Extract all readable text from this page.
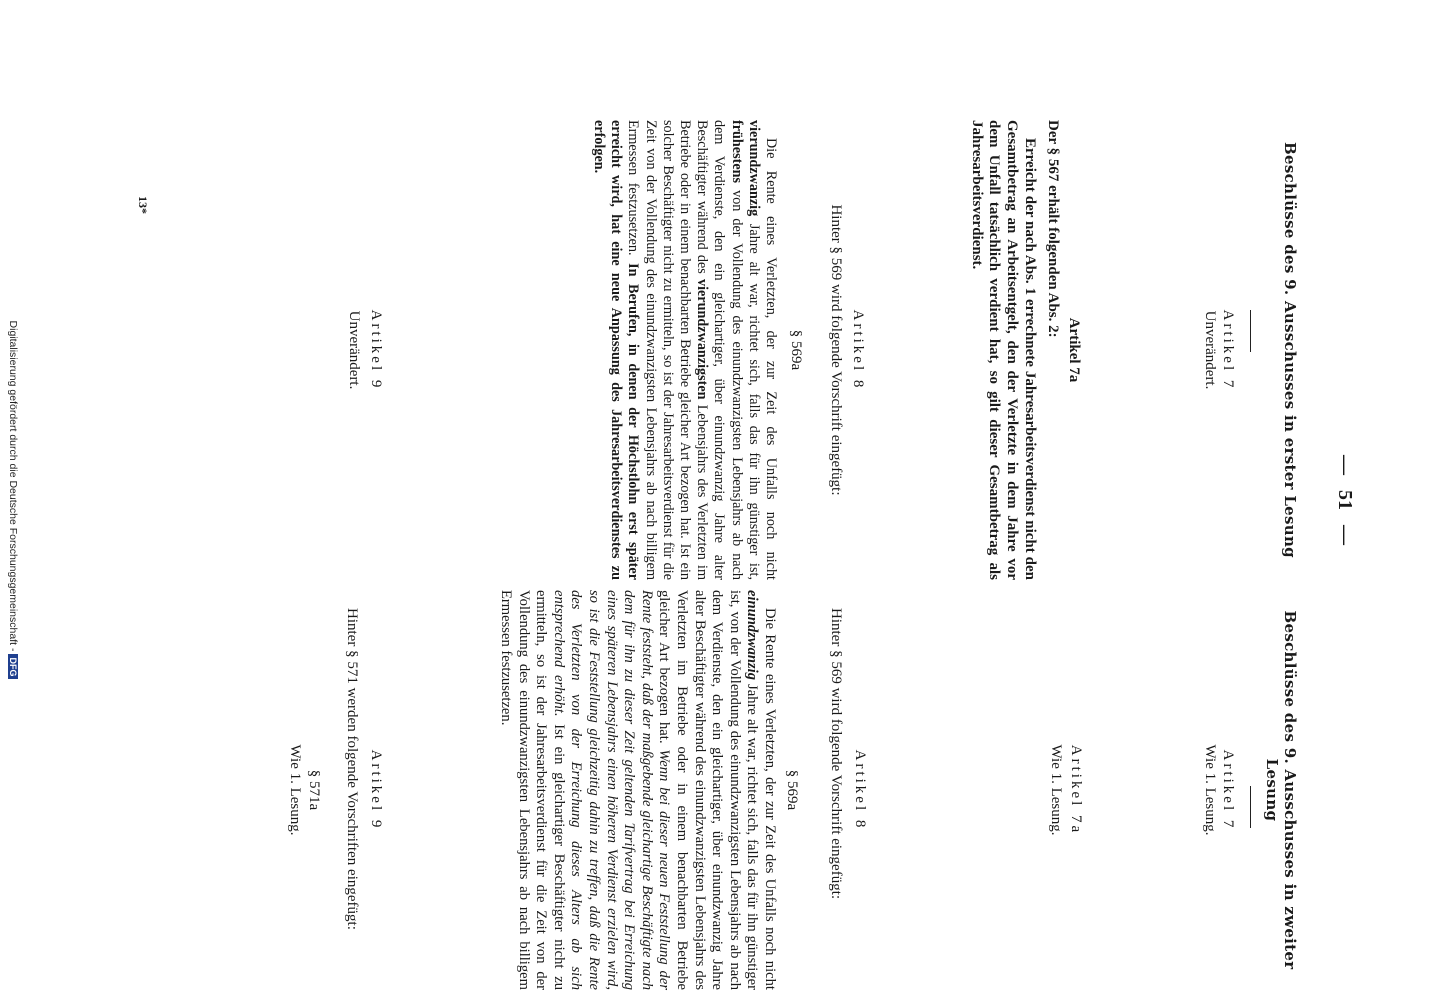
—   51   —
Beschlüsse des 9. Ausschusses in erster Lesung
Beschlüsse des 9. Ausschusses in zweiter Lesung
Artikel 7
Unverändert.
Artikel 7a
Der § 567 erhält folgenden Abs. 2:
Erreicht der nach Abs. 1 errechnete Jahresarbeitsverdienst nicht den Gesamtbetrag an Arbeitsentgelt, den der Verletzte in dem Jahre vor dem Unfall tatsächlich verdient hat, so gilt dieser Gesamtbetrag als Jahresarbeitsverdienst.
Artikel 8
Hinter § 569 wird folgende Vorschrift eingefügt:
§ 569a
Die Rente eines Verletzten, der zur Zeit des Unfalls noch nicht vierundzwanzig Jahre alt war, richtet sich, falls das für ihn günstiger ist, frühestens von der Vollendung des einundzwanzigsten Lebensjahrs ab nach dem Verdienste, den ein gleichartiger, über einundzwanzig Jahre alter Beschäftigter während des vierundzwanzigsten Lebensjahrs des Verletzten im Betriebe oder in einem benachbarten Betriebe gleicher Art bezogen hat. Ist ein solcher Beschäftigter nicht zu ermitteln, so ist der Jahresarbeitsverdienst für die Zeit von der Vollendung des einundzwanzigsten Lebensjahrs ab nach billigem Ermessen festzusetzen. In Berufen, in denen der Höchstlohn erst später erreicht wird, hat eine neue Anpassung des Jahresarbeitsverdienstes zu erfolgen.
Artikel 9
Unverändert.
Artikel 7
Wie 1. Lesung.
Artikel 7a
Wie 1. Lesung.
Artikel 8
Hinter § 569 wird folgende Vorschrift eingefügt:
§ 569a
Die Rente eines Verletzten, der zur Zeit des Unfalls noch nicht einundzwanzig Jahre alt war, richtet sich, falls das für ihn günstiger ist, von der Vollendung des einundzwanzigsten Lebensjahrs ab nach dem Verdienste, den ein gleichartiger, über einundzwanzig Jahre alter Beschäftigter während des einundzwanzigsten Lebensjahrs des Verletzten im Betriebe oder in einem benachbarten Betriebe gleicher Art bezogen hat. Wenn bei dieser neuen Feststellung der Rente feststeht, daß der maßgebende gleichartige Beschäftigte nach dem für ihn zu dieser Zeit geltenden Tarifvertrag bei Erreichung eines späteren Lebensjahrs einen höheren Verdienst erzielen wird, so ist die Feststellung gleichzeitig dahin zu treffen, daß die Rente des Verletzten von der Erreichung dieses Alters ab sich entsprechend erhöht. Ist ein gleichartiger Beschäftigter nicht zu ermitteln, so ist der Jahresarbeitsverdienst für die Zeit von der Vollendung des einundzwanzigsten Lebensjahrs ab nach billigem Ermessen festzusetzen.
Artikel 9
Hinter § 571 werden folgende Vorschriften eingefügt:
§ 571a
Wie 1. Lesung.
13*
Digitalisierung gefördert durch die Deutsche Forschungsgemeinschaft -DFG
